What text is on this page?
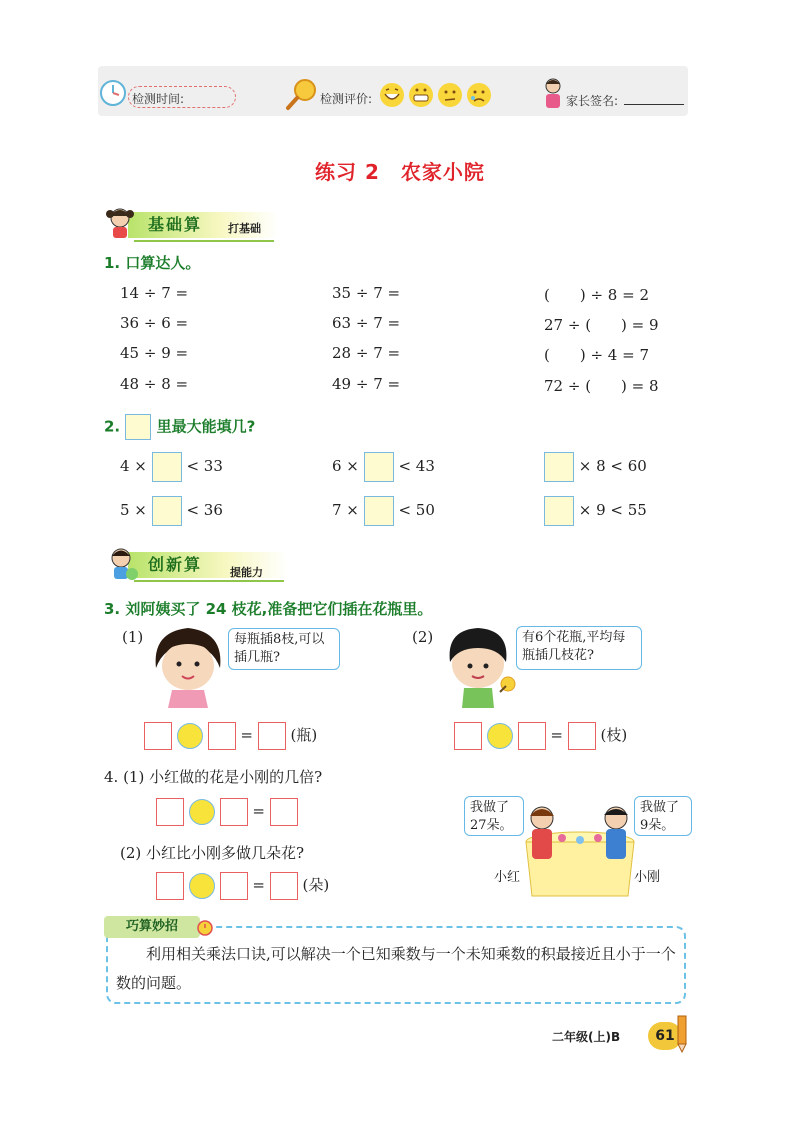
检测时间:	检测评价:	家长签名:
练习 2　农家小院
基础算 打基础
1. 口算达人。
14 ÷ 7 =	35 ÷ 7 =	(　　) ÷ 8 = 2
36 ÷ 6 =	63 ÷ 7 =	27 ÷ (　　) = 9
45 ÷ 9 =	28 ÷ 7 =	(　　) ÷ 4 = 7
48 ÷ 8 =	49 ÷ 7 =	72 ÷ (　　) = 8
2. 里最大能填几?
4 ×	< 33	6 ×	< 43	× 8 < 60
5 ×	< 36	7 ×	< 50	× 9 < 55
创新算	提能力
3. 刘阿姨买了 24 枝花,准备把它们插在花瓶里。
(1)	每瓶插8枝,可以插几瓶?
(2)	有6个花瓶,平均每瓶插几枝花?
=	(瓶)	=	(枝)
4. (1) 小红做的花是小刚的几倍?
=
(2) 小红比小刚多做几朵花?
=	(朵)
我做了27朵。
我做了9朵。
小红	小刚
巧算妙招
利用相关乘法口诀,可以解决一个已知乘数与一个未知乘数的积最接近且小于一个数的问题。
二年级(上)B	61
